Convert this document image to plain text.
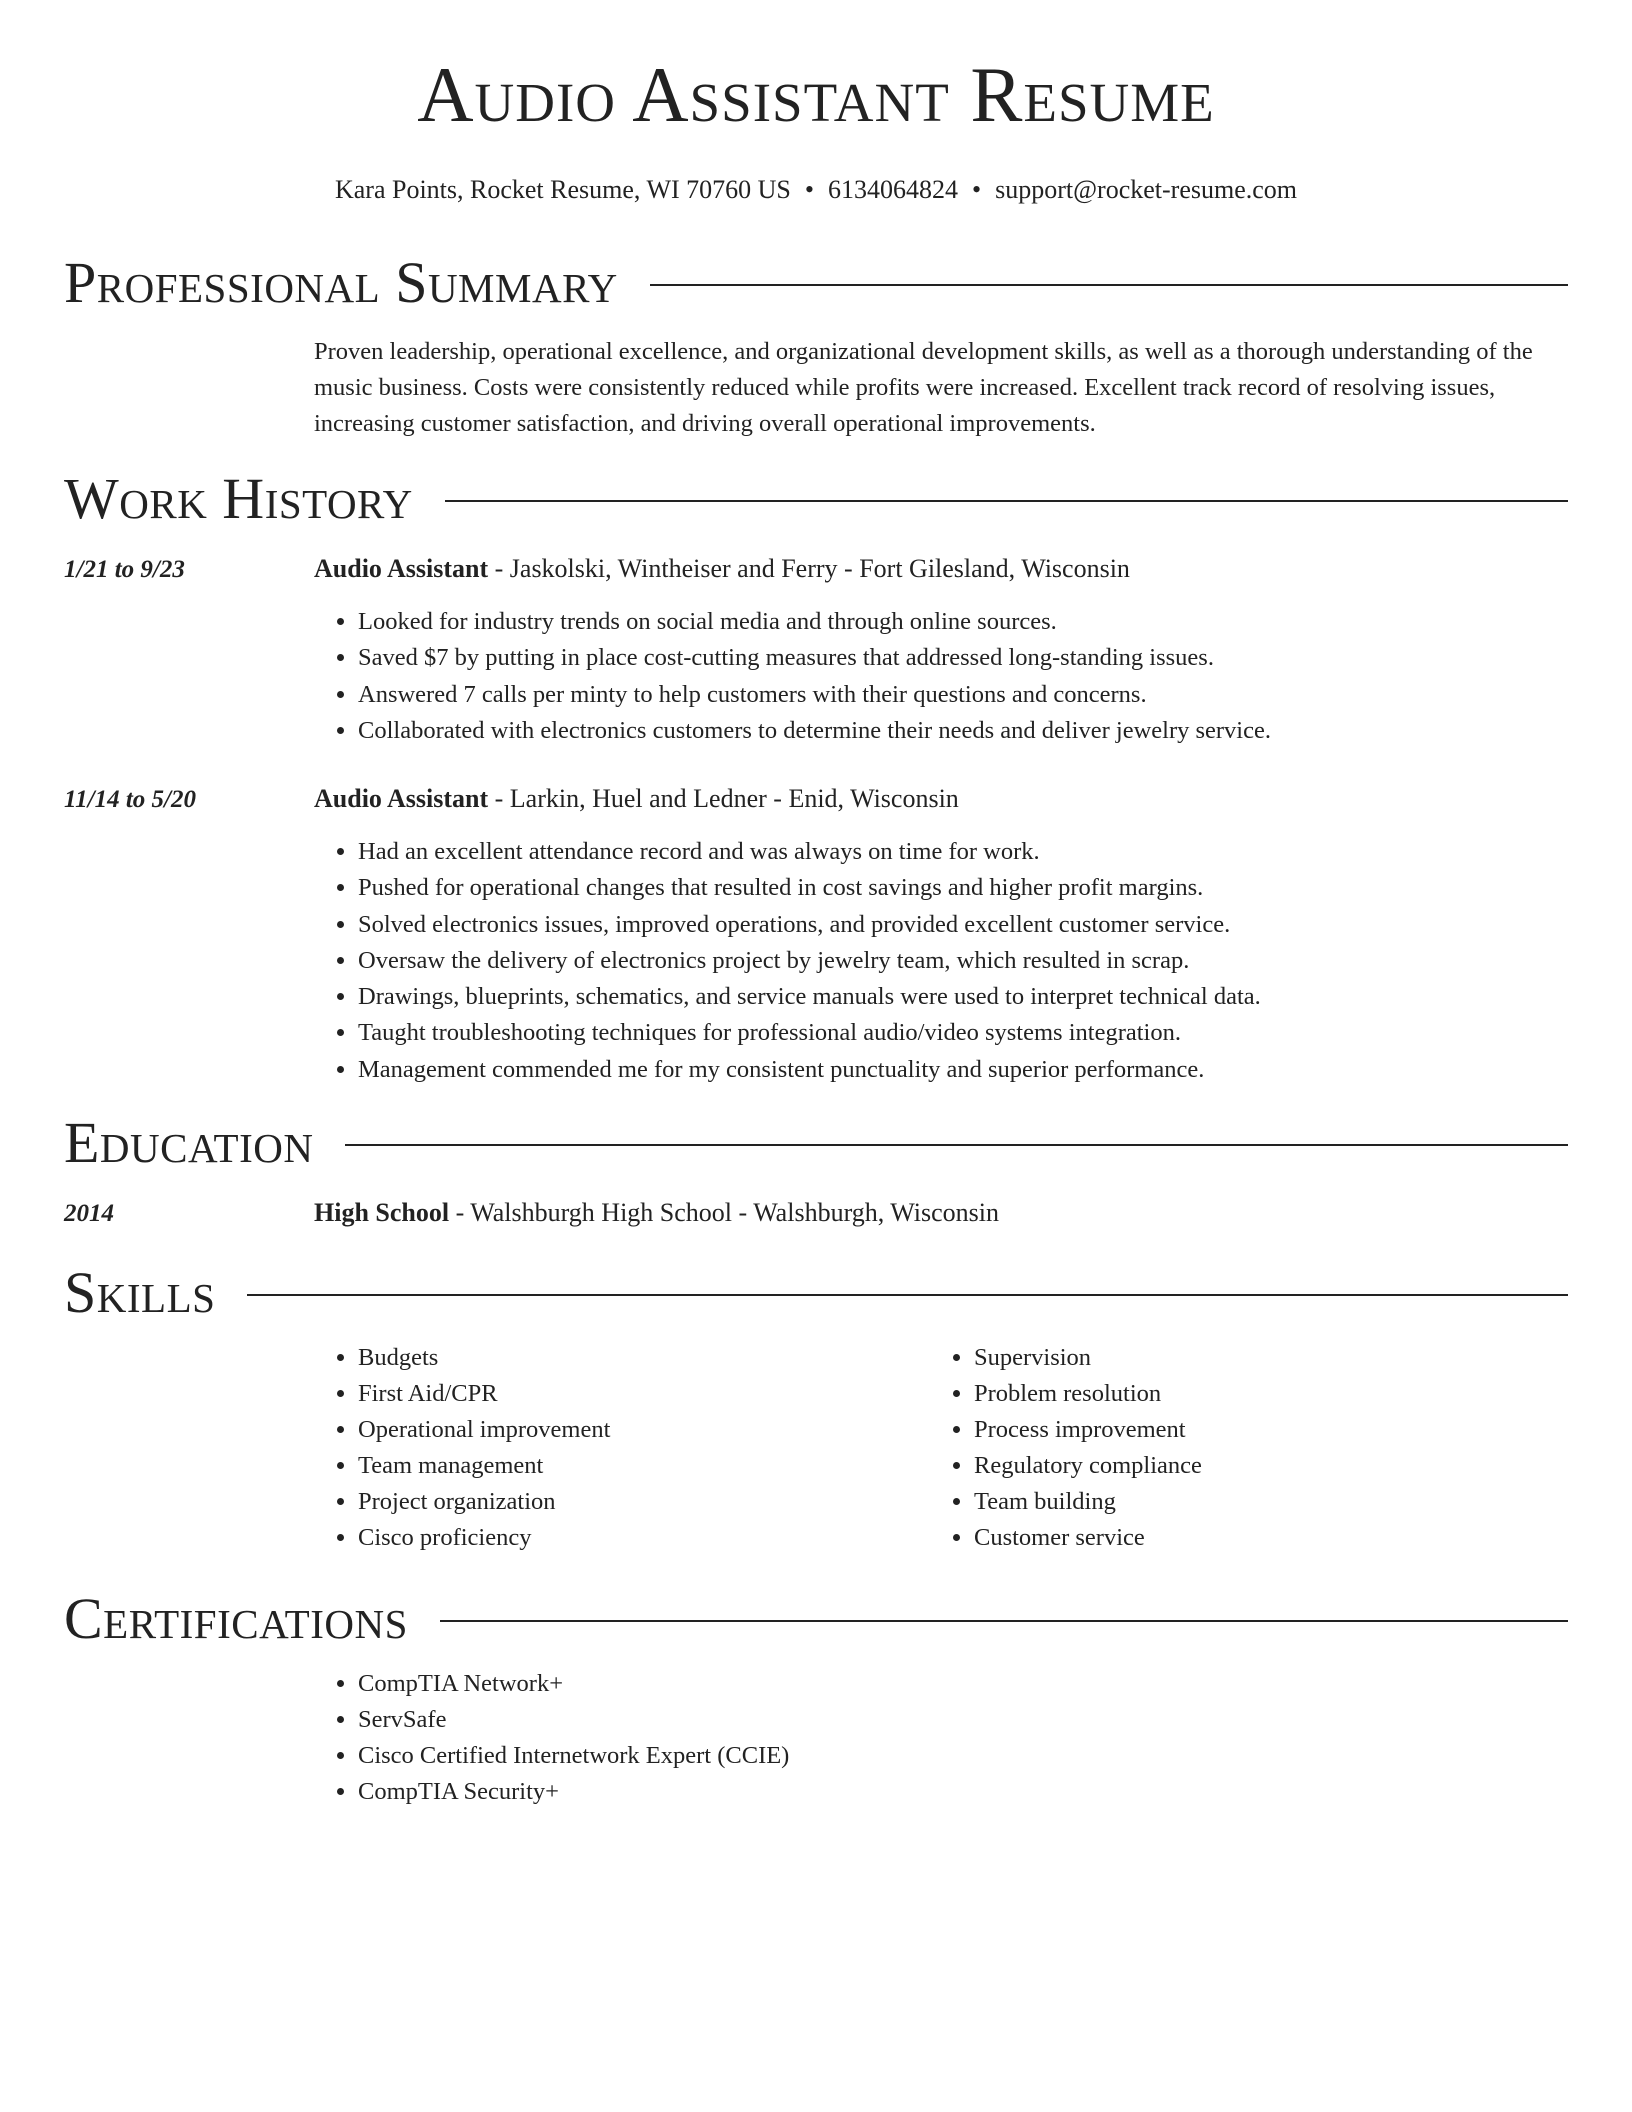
Audio Assistant Resume
Kara Points, Rocket Resume, WI 70760 US • 6134064824 • support@rocket-resume.com
Professional Summary
Proven leadership, operational excellence, and organizational development skills, as well as a thorough understanding of the music business. Costs were consistently reduced while profits were increased. Excellent track record of resolving issues, increasing customer satisfaction, and driving overall operational improvements.
Work History
1/21 to 9/23	Audio Assistant - Jaskolski, Wintheiser and Ferry - Fort Gilesland, Wisconsin
• Looked for industry trends on social media and through online sources.
• Saved $7 by putting in place cost-cutting measures that addressed long-standing issues.
• Answered 7 calls per minty to help customers with their questions and concerns.
• Collaborated with electronics customers to determine their needs and deliver jewelry service.
11/14 to 5/20	Audio Assistant - Larkin, Huel and Ledner - Enid, Wisconsin
• Had an excellent attendance record and was always on time for work.
• Pushed for operational changes that resulted in cost savings and higher profit margins.
• Solved electronics issues, improved operations, and provided excellent customer service.
• Oversaw the delivery of electronics project by jewelry team, which resulted in scrap.
• Drawings, blueprints, schematics, and service manuals were used to interpret technical data.
• Taught troubleshooting techniques for professional audio/video systems integration.
• Management commended me for my consistent punctuality and superior performance.
Education
2014	High School - Walshburgh High School - Walshburgh, Wisconsin
Skills
• Budgets
• First Aid/CPR
• Operational improvement
• Team management
• Project organization
• Cisco proficiency
• Supervision
• Problem resolution
• Process improvement
• Regulatory compliance
• Team building
• Customer service
Certifications
• CompTIA Network+
• ServSafe
• Cisco Certified Internetwork Expert (CCIE)
• CompTIA Security+
